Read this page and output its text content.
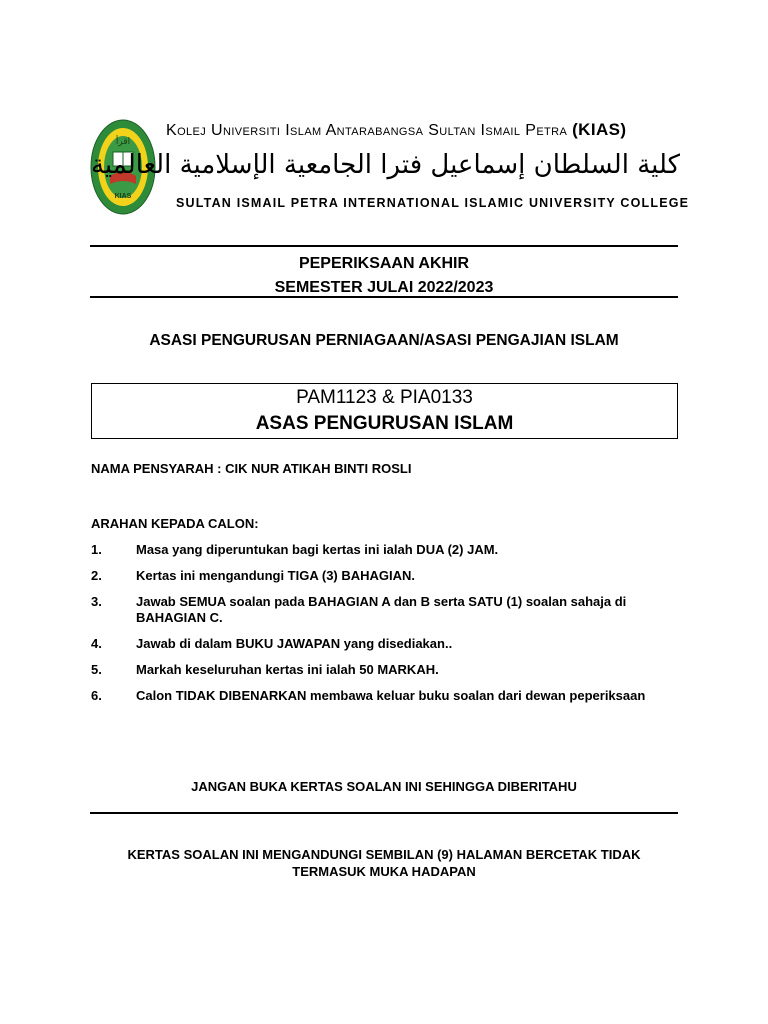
اقرأ
KIAS
Kolej Universiti Islam Antarabangsa Sultan Ismail Petra (KIAS)
كلية السلطان إسماعيل فترا الجامعية الإسلامية العالمية
SULTAN ISMAIL PETRA INTERNATIONAL ISLAMIC UNIVERSITY COLLEGE
PEPERIKSAAN AKHIR
SEMESTER JULAI 2022/2023
ASASI PENGURUSAN PERNIAGAAN/ASASI PENGAJIAN ISLAM
PAM1123 & PIA0133
ASAS PENGURUSAN ISLAM
NAMA PENSYARAH : CIK NUR ATIKAH BINTI ROSLI
ARAHAN KEPADA CALON:
1.	Masa yang diperuntukan bagi kertas ini ialah DUA (2) JAM.
2.	Kertas ini mengandungi TIGA (3) BAHAGIAN.
3.	Jawab SEMUA soalan pada BAHAGIAN A dan B serta SATU (1) soalan sahaja di BAHAGIAN C.
4.	Jawab di dalam BUKU JAWAPAN yang disediakan..
5.	Markah keseluruhan kertas ini ialah 50 MARKAH.
6.	Calon TIDAK DIBENARKAN membawa keluar buku soalan dari dewan peperiksaan
JANGAN BUKA KERTAS SOALAN INI SEHINGGA DIBERITAHU
KERTAS SOALAN INI MENGANDUNGI SEMBILAN (9) HALAMAN BERCETAK TIDAK TERMASUK MUKA HADAPAN
